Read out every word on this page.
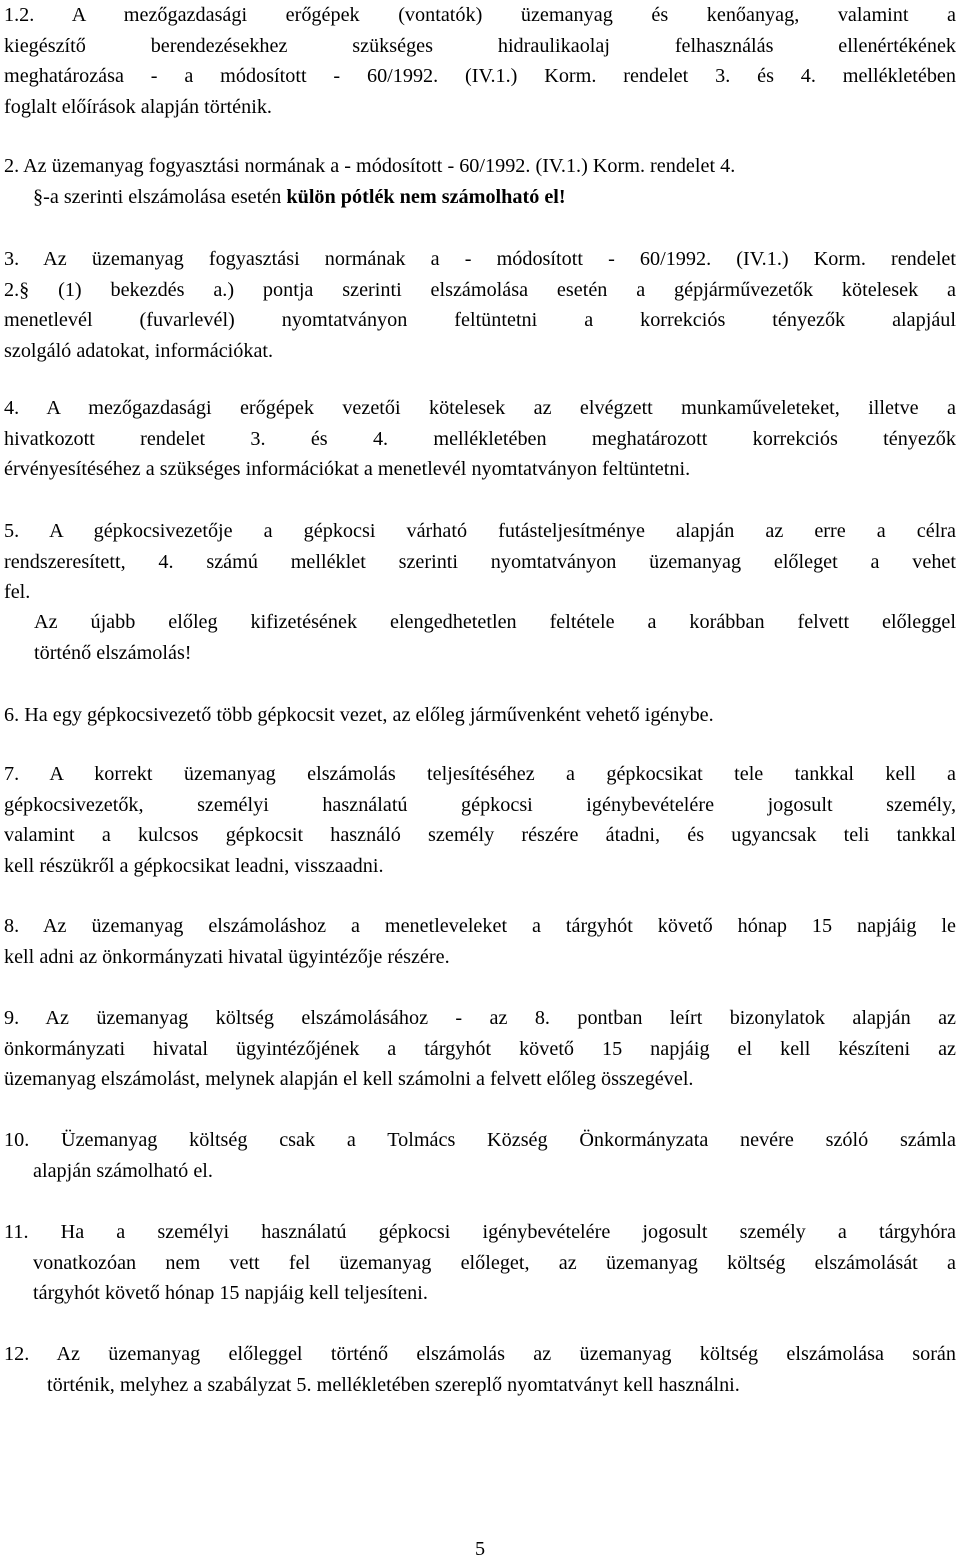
1.2. A mezőgazdasági erőgépek (vontatók) üzemanyag és kenőanyag, valamint a
kiegészítő berendezésekhez szükséges hidraulikaolaj felhasználás ellenértékének
meghatározása - a módosított - 60/1992. (IV.1.) Korm. rendelet 3. és 4. mellékletében
foglalt előírások alapján történik.
2. Az üzemanyag fogyasztási normának a - módosított - 60/1992. (IV.1.) Korm. rendelet 4.
§-a szerinti elszámolása esetén külön pótlék nem számolható el!
3. Az üzemanyag fogyasztási normának a - módosított - 60/1992. (IV.1.) Korm. rendelet
2.§ (1) bekezdés a.) pontja szerinti elszámolása esetén a gépjárművezetők kötelesek a
menetlevél (fuvarlevél) nyomtatványon feltüntetni a korrekciós tényezők alapjául
szolgáló adatokat, információkat.
4. A mezőgazdasági erőgépek vezetői kötelesek az elvégzett munkaműveleteket, illetve a
hivatkozott rendelet 3. és 4. mellékletében meghatározott korrekciós tényezők
érvényesítéséhez a szükséges információkat a menetlevél nyomtatványon feltüntetni.
5. A gépkocsivezetője a gépkocsi várható futásteljesítménye alapján az erre a célra
rendszeresített, 4. számú melléklet szerinti nyomtatványon üzemanyag előleget a vehet
fel.
Az újabb előleg kifizetésének elengedhetetlen feltétele a korábban felvett előleggel
történő elszámolás!
6. Ha egy gépkocsivezető több gépkocsit vezet, az előleg járművenként vehető igénybe.
7. A korrekt üzemanyag elszámolás teljesítéséhez a gépkocsikat tele tankkal kell a
gépkocsivezetők, személyi használatú gépkocsi igénybevételére jogosult személy,
valamint a kulcsos gépkocsit használó személy részére átadni, és ugyancsak teli tankkal
kell részükről a gépkocsikat leadni, visszaadni.
8. Az üzemanyag elszámoláshoz a menetleveleket a tárgyhót követő hónap 15 napjáig le
kell adni az önkormányzati hivatal ügyintézője részére.
9. Az üzemanyag költség elszámolásához - az 8. pontban leírt bizonylatok alapján az
önkormányzati hivatal ügyintézőjének a tárgyhót követő 15 napjáig el kell készíteni az
üzemanyag elszámolást, melynek alapján el kell számolni a felvett előleg összegével.
10. Üzemanyag költség csak a Tolmács Község Önkormányzata nevére szóló számla
alapján számolható el.
11. Ha a személyi használatú gépkocsi igénybevételére jogosult személy a tárgyhóra
vonatkozóan nem vett fel üzemanyag előleget, az üzemanyag költség elszámolását a
tárgyhót követő hónap 15 napjáig kell teljesíteni.
12. Az üzemanyag előleggel történő elszámolás az üzemanyag költség elszámolása során
történik, melyhez a szabályzat 5. mellékletében szereplő nyomtatványt kell használni.
5
